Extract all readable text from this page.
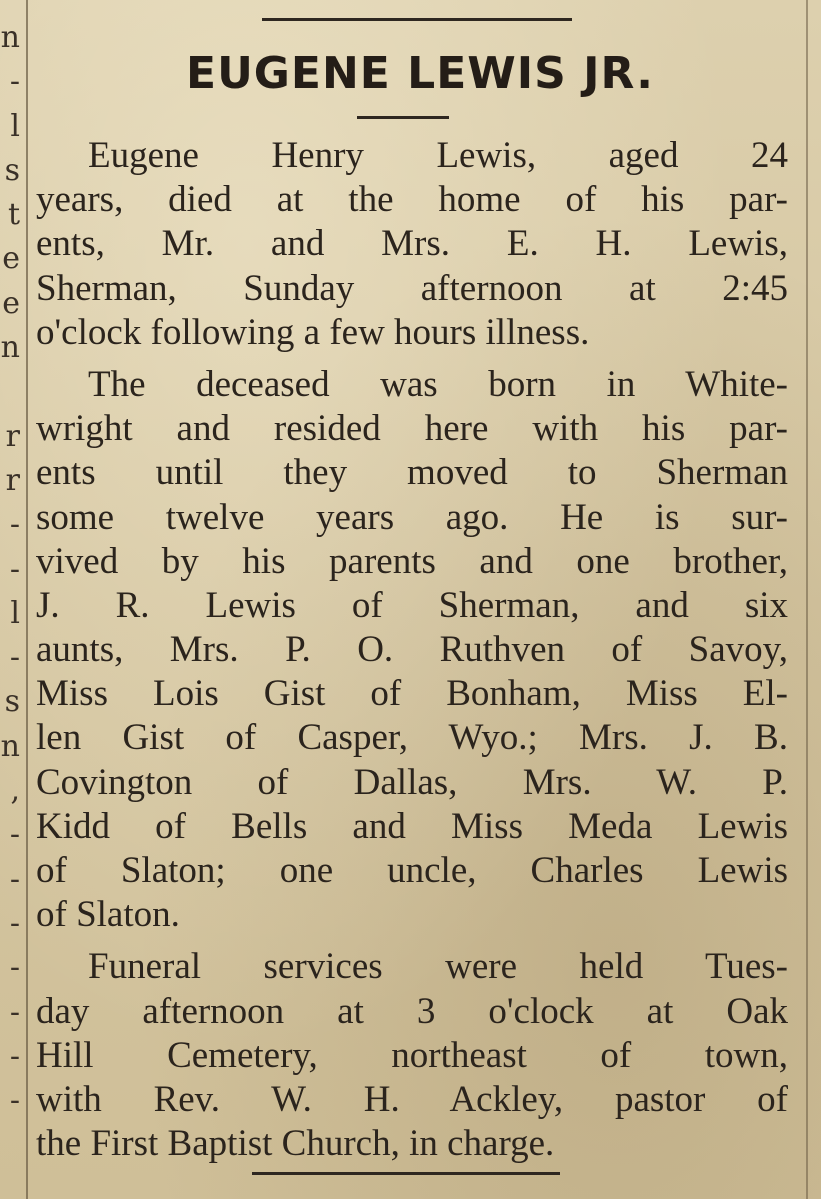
n
-
l
s
t
e
e
n
r
r
-
-
l
-
s
n
,
-
-
-
-
-
-
-
EUGENE LEWIS JR.

Eugene Henry Lewis, aged 24
years, died at the home of his par-
ents, Mr. and Mrs. E. H. Lewis,
Sherman, Sunday afternoon at 2:45
o'clock following a few hours illness.

The deceased was born in White-
wright and resided here with his par-
ents until they moved to Sherman
some twelve years ago. He is sur-
vived by his parents and one brother,
J. R. Lewis of Sherman, and six
aunts, Mrs. P. O. Ruthven of Savoy,
Miss Lois Gist of Bonham, Miss El-
len Gist of Casper, Wyo.; Mrs. J. B.
Covington of Dallas, Mrs. W. P.
Kidd of Bells and Miss Meda Lewis
of Slaton; one uncle, Charles Lewis
of Slaton.

Funeral services were held Tues-
day afternoon at 3 o'clock at Oak
Hill Cemetery, northeast of town,
with Rev. W. H. Ackley, pastor of
the First Baptist Church, in charge.
